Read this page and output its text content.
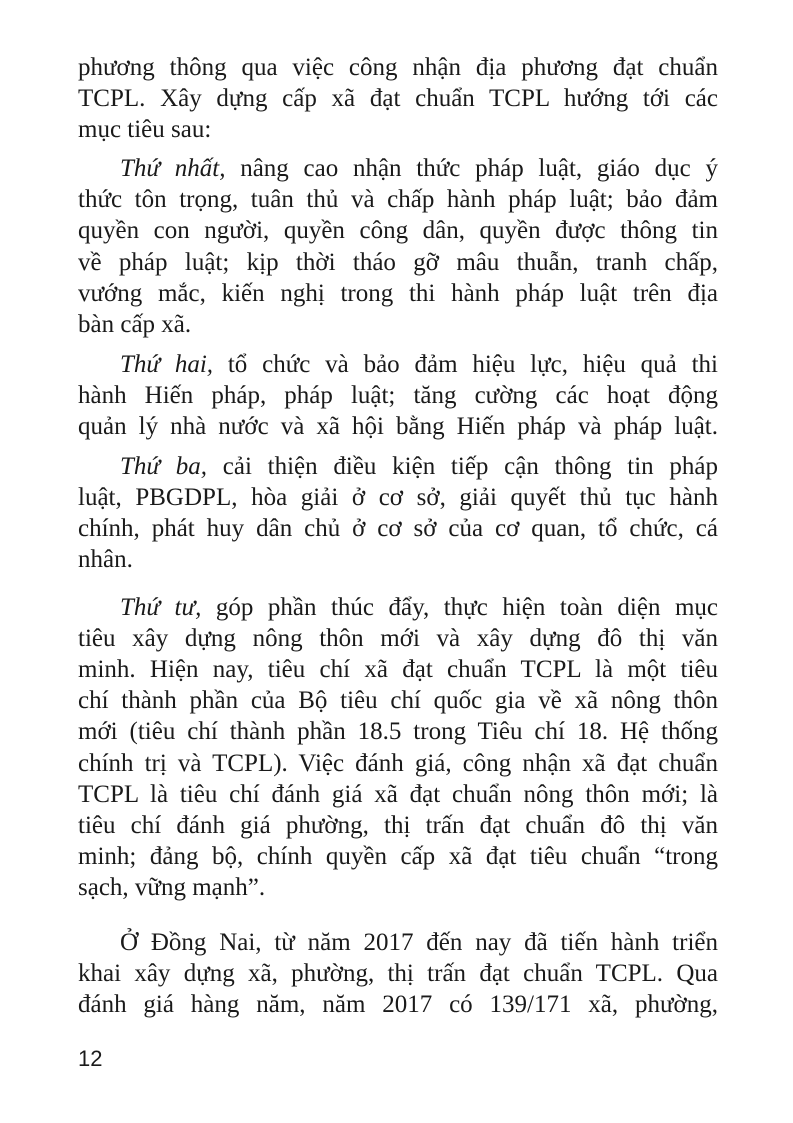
phương thông qua việc công nhận địa phương đạt chuẩn
TCPL. Xây dựng cấp xã đạt chuẩn TCPL hướng tới các
mục tiêu sau:
Thứ nhất, nâng cao nhận thức pháp luật, giáo dục ý
thức tôn trọng, tuân thủ và chấp hành pháp luật; bảo đảm
quyền con người, quyền công dân, quyền được thông tin
về pháp luật; kịp thời tháo gỡ mâu thuẫn, tranh chấp,
vướng mắc, kiến nghị trong thi hành pháp luật trên địa
bàn cấp xã.
Thứ hai, tổ chức và bảo đảm hiệu lực, hiệu quả thi
hành Hiến pháp, pháp luật; tăng cường các hoạt động
quản lý nhà nước và xã hội bằng Hiến pháp và pháp luật.
Thứ ba, cải thiện điều kiện tiếp cận thông tin pháp
luật, PBGDPL, hòa giải ở cơ sở, giải quyết thủ tục hành
chính, phát huy dân chủ ở cơ sở của cơ quan, tổ chức, cá
nhân.
Thứ tư, góp phần thúc đẩy, thực hiện toàn diện mục
tiêu xây dựng nông thôn mới và xây dựng đô thị văn
minh. Hiện nay, tiêu chí xã đạt chuẩn TCPL là một tiêu
chí thành phần của Bộ tiêu chí quốc gia về xã nông thôn
mới (tiêu chí thành phần 18.5 trong Tiêu chí 18. Hệ thống
chính trị và TCPL). Việc đánh giá, công nhận xã đạt chuẩn
TCPL là tiêu chí đánh giá xã đạt chuẩn nông thôn mới; là
tiêu chí đánh giá phường, thị trấn đạt chuẩn đô thị văn
minh; đảng bộ, chính quyền cấp xã đạt tiêu chuẩn “trong
sạch, vững mạnh”.
Ở Đồng Nai, từ năm 2017 đến nay đã tiến hành triển
khai xây dựng xã, phường, thị trấn đạt chuẩn TCPL. Qua
đánh giá hàng năm, năm 2017 có 139/171 xã, phường,
12
